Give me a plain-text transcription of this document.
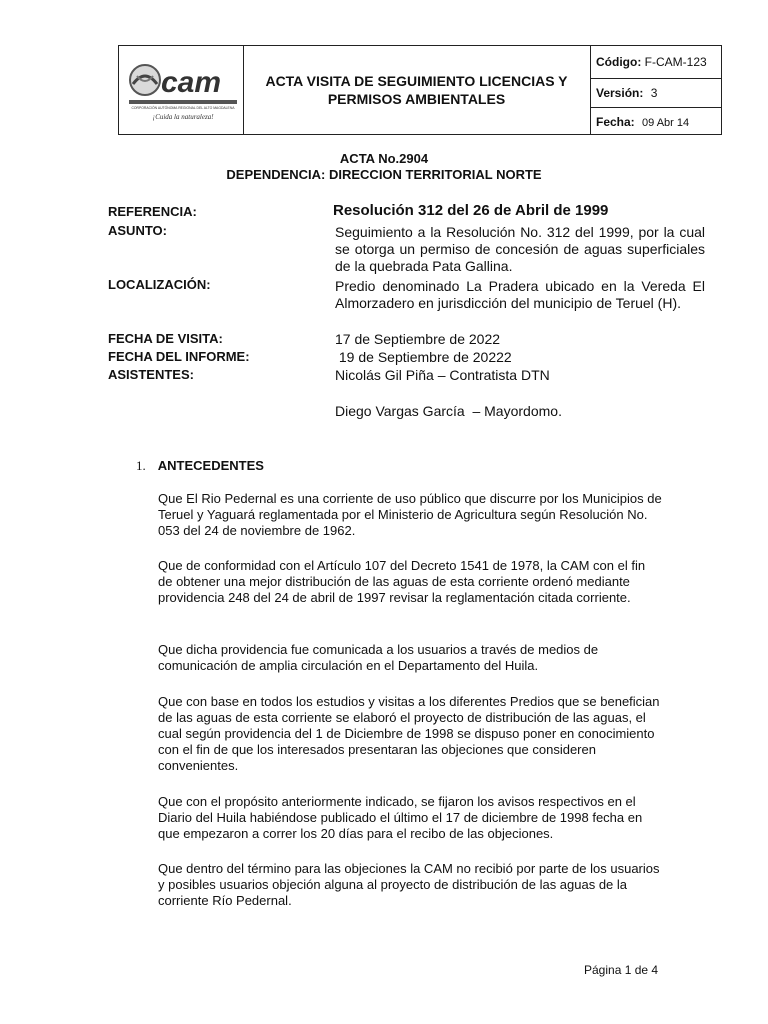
cam
CORPORACIÓN AUTÓNOMA REGIONAL DEL ALTO MAGDALENA
¡Cuida la naturaleza!
ACTA VISITA DE SEGUIMIENTO LICENCIAS Y
PERMISOS AMBIENTALES
Código: F-CAM-123
Versión: 3
Fecha: 09 Abr 14
ACTA No.2904
DEPENDENCIA: DIRECCION TERRITORIAL NORTE
REFERENCIA:	Resolución 312 del 26 de Abril de 1999
ASUNTO:	Seguimiento a la Resolución No. 312 del 1999, por la cual se otorga un permiso de concesión de aguas superficiales de la quebrada Pata Gallina.
LOCALIZACIÓN:	Predio denominado La Pradera ubicado en la Vereda El Almorzadero en jurisdicción del municipio de Teruel (H).
FECHA DE VISITA:	17 de Septiembre de 2022
FECHA DEL INFORME:	19 de Septiembre de 20222
ASISTENTES:	Nicolás Gil Piña – Contratista DTN
Diego Vargas García  – Mayordomo.
1. ANTECEDENTES
Que El Rio Pedernal es una corriente de uso público que discurre por los Municipios de Teruel y Yaguará reglamentada por el Ministerio de Agricultura según Resolución No. 053 del 24 de noviembre de 1962.
Que de conformidad con el Artículo 107 del Decreto 1541 de 1978, la CAM con el fin de obtener una mejor distribución de las aguas de esta corriente ordenó mediante providencia 248 del 24 de abril de 1997 revisar la reglamentación citada corriente.
Que dicha providencia fue comunicada a los usuarios a través de medios de comunicación de amplia circulación en el Departamento del Huila.
Que con base en todos los estudios y visitas a los diferentes Predios que se benefician de las aguas de esta corriente se elaboró el proyecto de distribución de las aguas, el cual según providencia del 1 de Diciembre de 1998 se dispuso poner en conocimiento con el fin de que los interesados presentaran las objeciones que consideren convenientes.
Que con el propósito anteriormente indicado, se fijaron los avisos respectivos en el Diario del Huila habiéndose publicado el último el 17 de diciembre de 1998 fecha en que empezaron a correr los 20 días para el recibo de las objeciones.
Que dentro del término para las objeciones la CAM no recibió por parte de los usuarios y posibles usuarios objeción alguna al proyecto de distribución de las aguas de la corriente Río Pedernal.
Página 1 de 4
